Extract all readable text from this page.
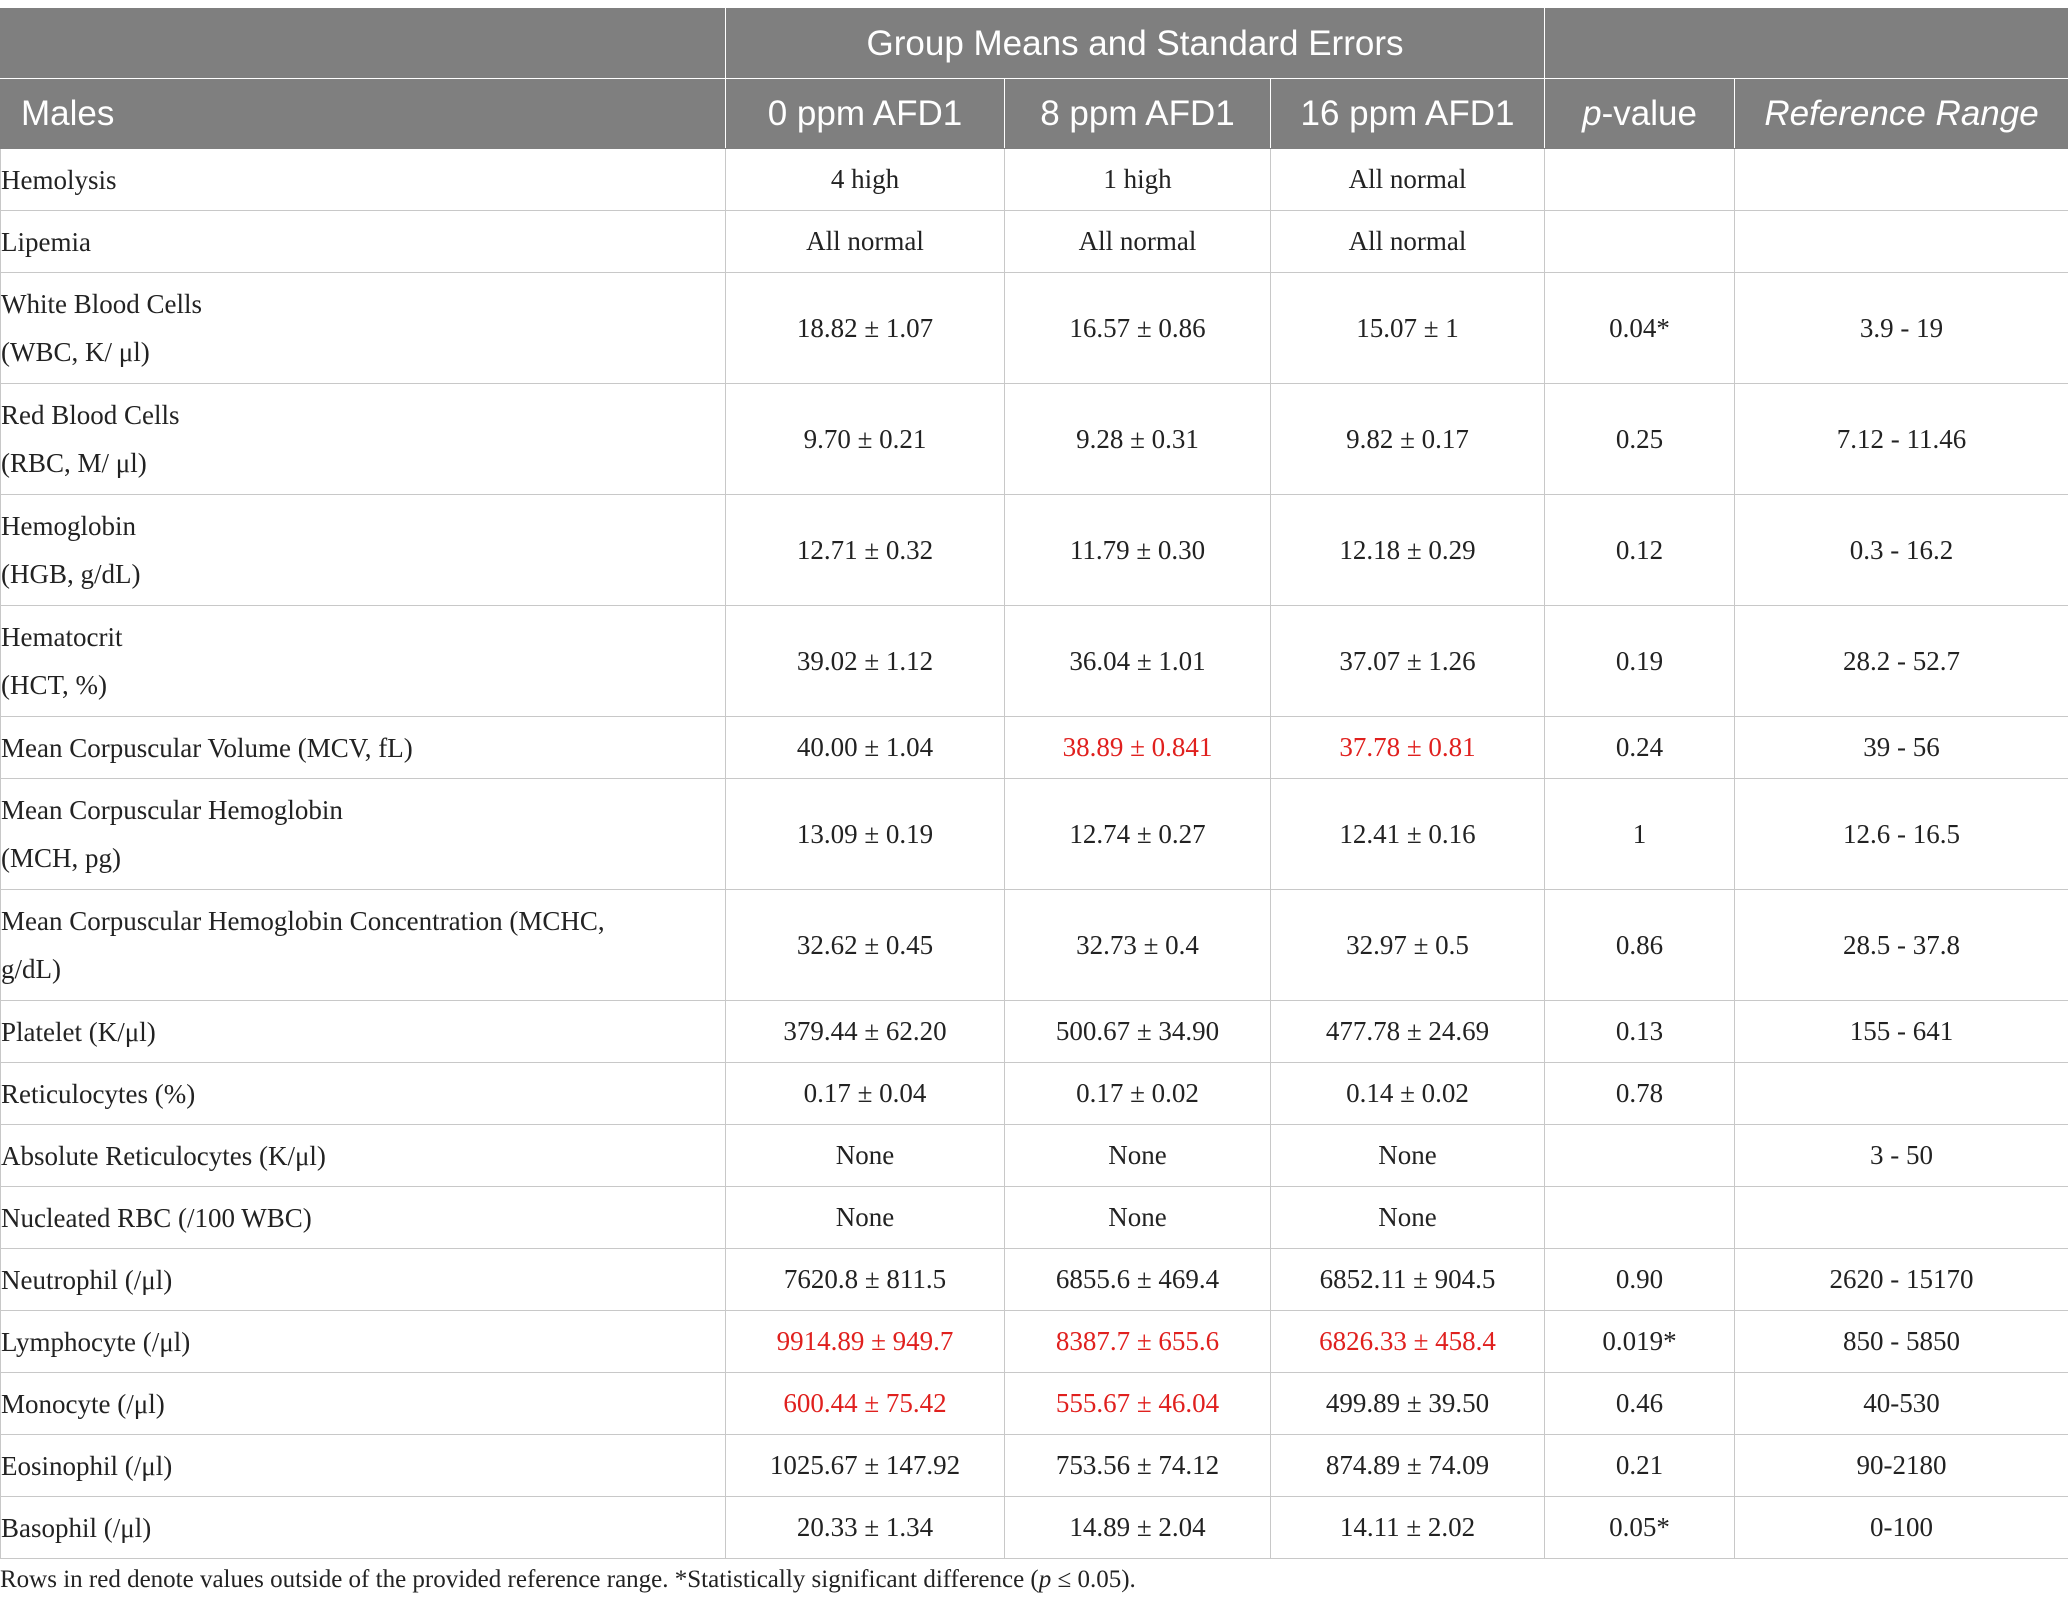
	Group Means and Standard Errors				
Males	0 ppm AFD1	8 ppm AFD1	16 ppm AFD1	p-value	Reference Range

Hemolysis	4 high	1 high	All normal		

Lipemia	All normal	All normal	All normal		

White Blood Cells
(WBC, K/ μl)	18.82 ± 1.07	16.57 ± 0.86	15.07 ± 1	0.04*	3.9 - 19

Red Blood Cells
(RBC, M/ μl)	9.70 ± 0.21	9.28 ± 0.31	9.82 ± 0.17	0.25	7.12 - 11.46

Hemoglobin
(HGB, g/dL)	12.71 ± 0.32	11.79 ± 0.30	12.18 ± 0.29	0.12	0.3 - 16.2

Hematocrit
(HCT, %)	39.02 ± 1.12	36.04 ± 1.01	37.07 ± 1.26	0.19	28.2 - 52.7

Mean Corpuscular Volume (MCV, fL)	40.00 ± 1.04	38.89 ± 0.841	37.78 ± 0.81	0.24	39 - 56

Mean Corpuscular Hemoglobin
(MCH, pg)	13.09 ± 0.19	12.74 ± 0.27	12.41 ± 0.16	1	12.6 - 16.5

Mean Corpuscular Hemoglobin Concentration (MCHC,
g/dL)	32.62 ± 0.45	32.73 ± 0.4	32.97 ± 0.5	0.86	28.5 - 37.8

Platelet (K/μl)	379.44 ± 62.20	500.67 ± 34.90	477.78 ± 24.69	0.13	155 - 641

Reticulocytes (%)	0.17 ± 0.04	0.17 ± 0.02	0.14 ± 0.02	0.78	

Absolute Reticulocytes (K/μl)	None	None	None		3 - 50

Nucleated RBC (/100 WBC)	None	None	None		

Neutrophil (/μl)	7620.8 ± 811.5	6855.6 ± 469.4	6852.11 ± 904.5	0.90	2620 - 15170

Lymphocyte (/μl)	9914.89 ± 949.7	8387.7 ± 655.6	6826.33 ± 458.4	0.019*	850 - 5850

Monocyte (/μl)	600.44 ± 75.42	555.67 ± 46.04	499.89 ± 39.50	0.46	40-530

Eosinophil (/μl)	1025.67 ± 147.92	753.56 ± 74.12	874.89 ± 74.09	0.21	90-2180

Basophil (/μl)	20.33 ± 1.34	14.89 ± 2.04	14.11 ± 2.02	0.05*	0-100
Rows in red denote values outside of the provided reference range. *Statistically significant difference (p ≤ 0.05).
